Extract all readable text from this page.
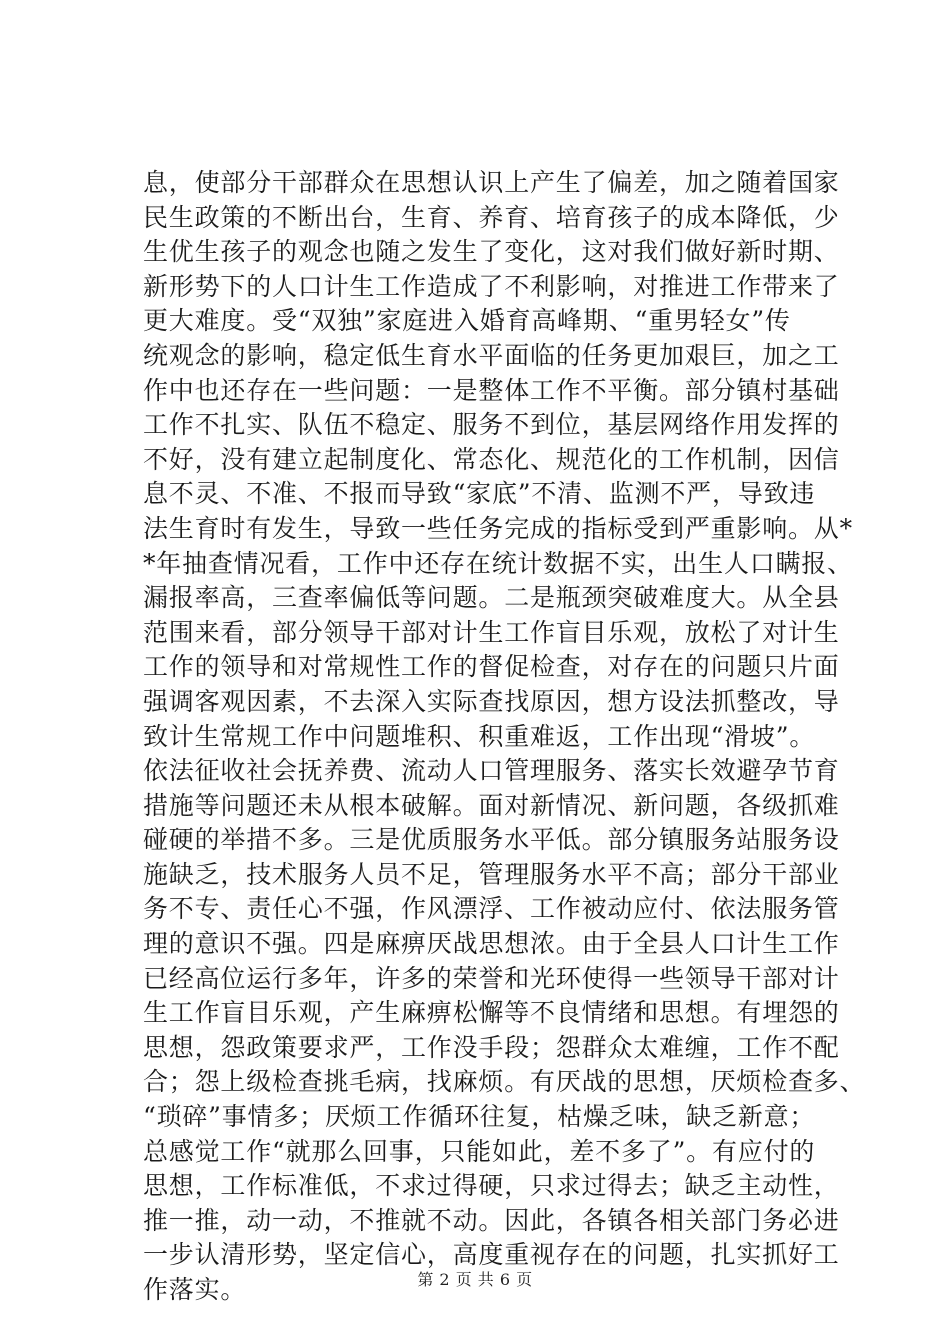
息，使部分干部群众在思想认识上产生了偏差，加之随着国家
民生政策的不断出台，生育、养育、培育孩子的成本降低，少
生优生孩子的观念也随之发生了变化，这对我们做好新时期、
新形势下的人口计生工作造成了不利影响，对推进工作带来了
更大难度。受“双独”家庭进入婚育高峰期、“重男轻女”传
统观念的影响，稳定低生育水平面临的任务更加艰巨，加之工
作中也还存在一些问题：一是整体工作不平衡。部分镇村基础
工作不扎实、队伍不稳定、服务不到位，基层网络作用发挥的
不好，没有建立起制度化、常态化、规范化的工作机制，因信
息不灵、不准、不报而导致“家底”不清、监测不严，导致违
法生育时有发生，导致一些任务完成的指标受到严重影响。从*
*年抽查情况看，工作中还存在统计数据不实，出生人口瞒报、
漏报率高，三查率偏低等问题。二是瓶颈突破难度大。从全县
范围来看，部分领导干部对计生工作盲目乐观，放松了对计生
工作的领导和对常规性工作的督促检查，对存在的问题只片面
强调客观因素，不去深入实际查找原因，想方设法抓整改，导
致计生常规工作中问题堆积、积重难返，工作出现“滑坡”。
依法征收社会抚养费、流动人口管理服务、落实长效避孕节育
措施等问题还未从根本破解。面对新情况、新问题，各级抓难
碰硬的举措不多。三是优质服务水平低。部分镇服务站服务设
施缺乏，技术服务人员不足，管理服务水平不高；部分干部业
务不专、责任心不强，作风漂浮、工作被动应付、依法服务管
理的意识不强。四是麻痹厌战思想浓。由于全县人口计生工作
已经高位运行多年，许多的荣誉和光环使得一些领导干部对计
生工作盲目乐观，产生麻痹松懈等不良情绪和思想。有埋怨的
思想，怨政策要求严，工作没手段；怨群众太难缠，工作不配
合；怨上级检查挑毛病，找麻烦。有厌战的思想，厌烦检查多、
“琐碎”事情多；厌烦工作循环往复，枯燥乏味，缺乏新意；
总感觉工作“就那么回事，只能如此，差不多了”。有应付的
思想，工作标准低，不求过得硬，只求过得去；缺乏主动性，
推一推，动一动，不推就不动。因此，各镇各相关部门务必进
一步认清形势，坚定信心，高度重视存在的问题，扎实抓好工
作落实。	第 2 页 共 6 页
